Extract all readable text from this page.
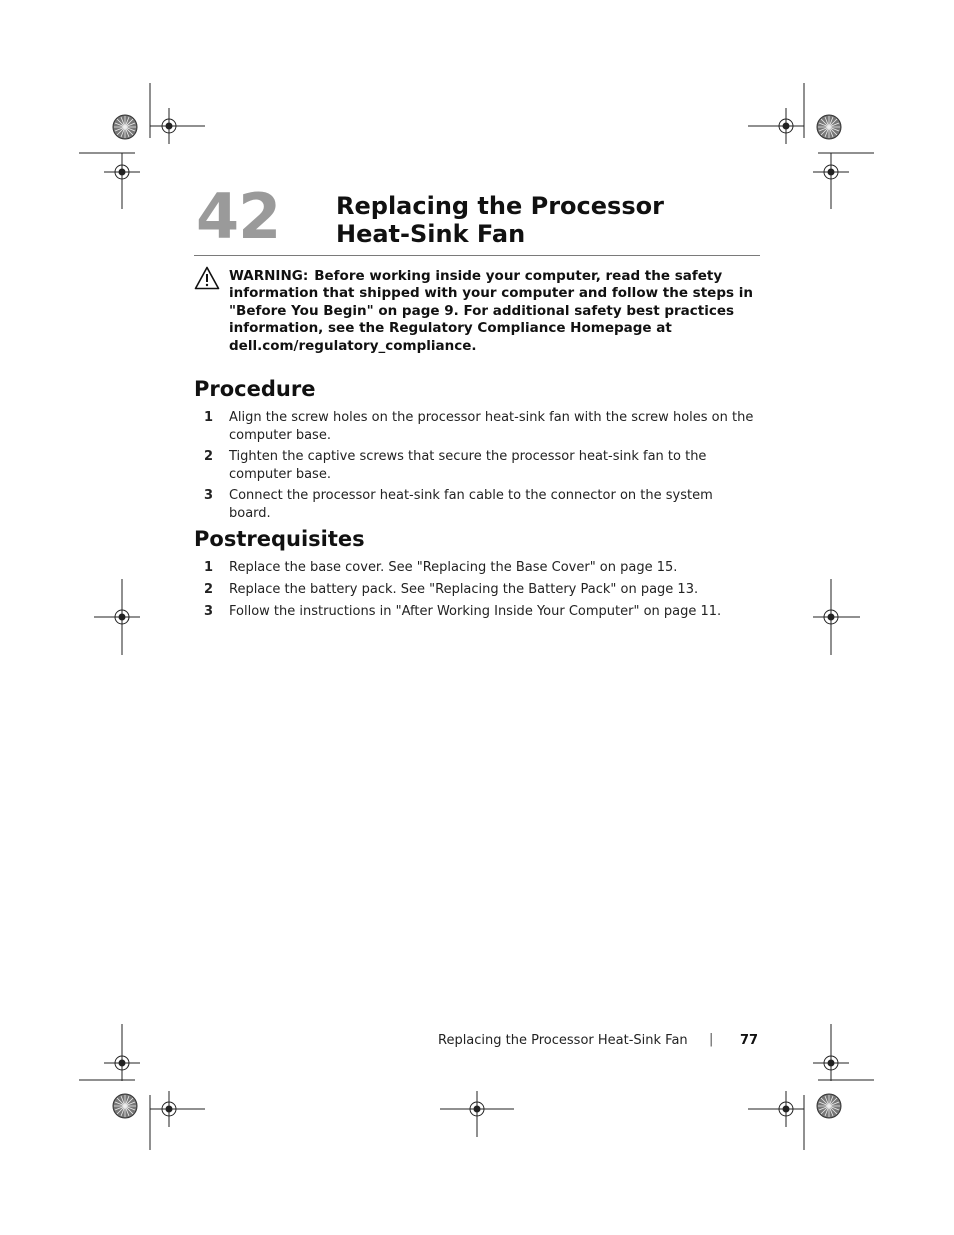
42 Replacing the Processor
Heat-Sink Fan
WARNING: Before working inside your computer, read the safety information that shipped with your computer and follow the steps in "Before You Begin" on page 9. For additional safety best practices information, see the Regulatory Compliance Homepage at dell.com/regulatory_compliance.
Procedure
1 Align the screw holes on the processor heat-sink fan with the screw holes on the computer base.
2 Tighten the captive screws that secure the processor heat-sink fan to the computer base.
3 Connect the processor heat-sink fan cable to the connector on the system board.
Postrequisites
1 Replace the base cover. See "Replacing the Base Cover" on page 15.
2 Replace the battery pack. See "Replacing the Battery Pack" on page 13.
3 Follow the instructions in "After Working Inside Your Computer" on page 11.
Replacing the Processor Heat-Sink Fan | 77
